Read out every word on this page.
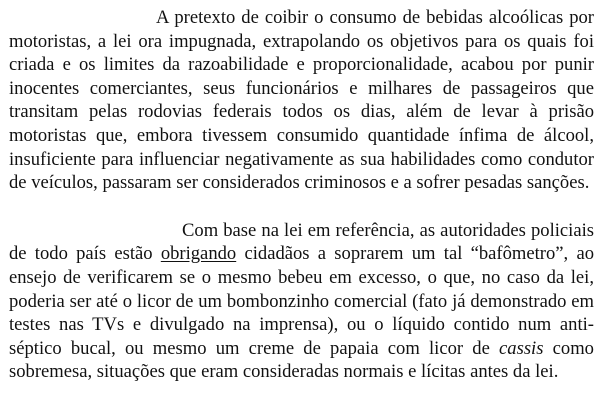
A pretexto de coibir o consumo de bebidas alcoólicas por motoristas, a lei ora impugnada, extrapolando os objetivos para os quais foi criada e os limites da razoabilidade e proporcionalidade, acabou por punir inocentes comerciantes, seus funcionários e milhares de passageiros que transitam pelas rodovias federais todos os dias, além de levar à prisão motoristas que, embora tivessem consumido quantidade ínfima de álcool, insuficiente para influenciar negativamente as sua habilidades como condutor de veículos, passaram ser considerados criminosos e a sofrer pesadas sanções.

Com base na lei em referência, as autoridades policiais de todo país estão obrigando cidadãos a soprarem um tal “bafômetro”, ao ensejo de verificarem se o mesmo bebeu em excesso, o que, no caso da lei, poderia ser até o licor de um bombonzinho comercial (fato já demonstrado em testes nas TVs e divulgado na imprensa), ou o líquido contido num anti-séptico bucal, ou mesmo um creme de papaia com licor de cassis como sobremesa, situações que eram consideradas normais e lícitas antes da lei.
